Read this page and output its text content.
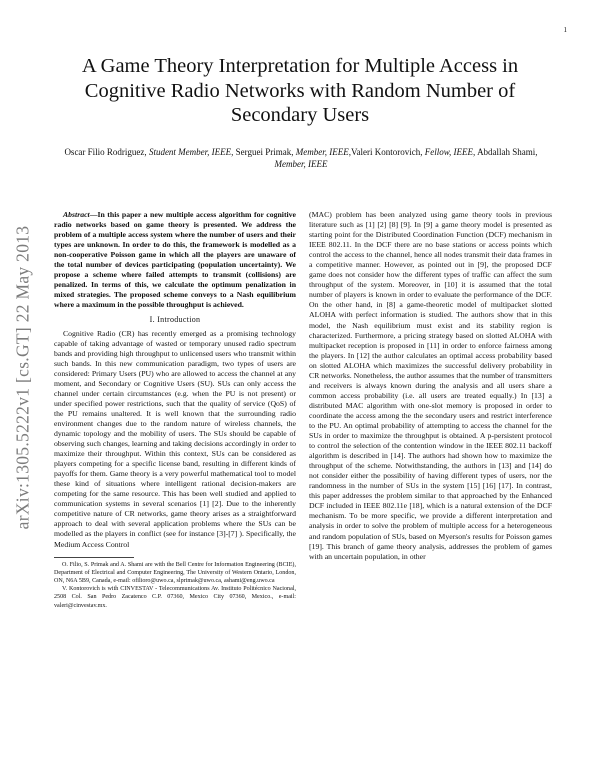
1
arXiv:1305.5222v1 [cs.GT] 22 May 2013
A Game Theory Interpretation for Multiple Access in Cognitive Radio Networks with Random Number of Secondary Users

Oscar Filio Rodriguez, Student Member, IEEE, Serguei Primak, Member, IEEE,Valeri Kontorovich, Fellow, IEEE, Abdallah Shami, Member, IEEE

Abstract—In this paper a new multiple access algorithm for cognitive radio networks based on game theory is presented. We address the problem of a multiple access system where the number of users and their types are unknown. In order to do this, the framework is modelled as a non-cooperative Poisson game in which all the players are unaware of the total number of devices participating (population uncertainty). We propose a scheme where failed attempts to transmit (collisions) are penalized. In terms of this, we calculate the optimum penalization in mixed strategies. The proposed scheme conveys to a Nash equilibrium where a maximum in the possible throughput is achieved.

I. Introduction

Cognitive Radio (CR) has recently emerged as a promising technology capable of taking advantage of wasted or temporary unused radio spectrum bands and providing high throughput to unlicensed users who transmit within such bands. In this new communication paradigm, two types of users are considered: Primary Users (PU) who are allowed to access the channel at any moment, and Secondary or Cognitive Users (SU). SUs can only access the channel under certain circumstances (e.g. when the PU is not present) or under specified power restrictions, such that the quality of service (QoS) of the PU remains unaltered. It is well known that the surrounding radio environment changes due to the random nature of wireless channels, the dynamic topology and the mobility of users. The SUs should be capable of observing such changes, learning and taking decisions accordingly in order to maximize their throughput. Within this context, SUs can be considered as players competing for a specific license band, resulting in different kinds of payoffs for them. Game theory is a very powerful mathematical tool to model these kind of situations where intelligent rational decision-makers are competing for the same resource. This has been well studied and applied to communication systems in several scenarios [1] [2]. Due to the inherently competitive nature of CR networks, game theory arises as a straightforward approach to deal with several application problems where the SUs can be modelled as the players in conflict (see for instance [3]-[7] ). Specifically, the Medium Access Control

O. Filio, S. Primak and A. Shami are with the Bell Centre for Information Engineering (BCIE), Department of Electrical and Computer Engineering, The University of Western Ontario, London, ON, N6A 5B9, Canada, e-mail: ofiliorо@uwo.ca, slprimak@uwo.ca, ashami@eng.uwo.ca

V. Kontorovich is with CINVESTAV - Telecommunications Av. Instituto Politécnico Nacional, 2508 Col. San Pedro Zacatenco C.P. 07360, Mexico City 07360, Mexico., e-mail: valeri@cinvestav.mx.

(MAC) problem has been analyzed using game theory tools in previous literature such as [1] [2] [8] [9]. In [9] a game theory model is presented as starting point for the Distributed Coordination Function (DCF) mechanism in IEEE 802.11. In the DCF there are no base stations or access points which control the access to the channel, hence all nodes transmit their data frames in a competitive manner. However, as pointed out in [9], the proposed DCF game does not consider how the different types of traffic can affect the sum throughput of the system. Moreover, in [10] it is assumed that the total number of players is known in order to evaluate the performance of the DCF. On the other hand, in [8] a game-theoretic model of multipacket slotted ALOHA with perfect information is studied. The authors show that in this model, the Nash equilibrium must exist and its stability region is characterized. Furthermore, a pricing strategy based on slotted ALOHA with multipacket reception is proposed in [11] in order to enforce fairness among the players. In [12] the author calculates an optimal access probability based on slotted ALOHA which maximizes the successful delivery probability in CR networks. Nonetheless, the author assumes that the number of transmitters and receivers is always known during the analysis and all users share a common access probability (i.e. all users are treated equally.) In [13] a distributed MAC algorithm with one-slot memory is proposed in order to coordinate the access among the the secondary users and restrict interference to the PU. An optimal probability of attempting to access the channel for the SUs in order to maximize the throughput is obtained. A p-persistent protocol to control the selection of the contention window in the IEEE 802.11 backoff algorithm is described in [14]. The authors had shown how to maximize the throughput of the scheme. Notwithstanding, the authors in [13] and [14] do not consider either the possibility of having different types of users, nor the randomness in the number of SUs in the system [15] [16] [17]. In contrast, this paper addresses the problem similar to that approached by the Enhanced DCF included in IEEE 802.11e [18], which is a natural extension of the DCF mechanism. To be more specific, we provide a different interpretation and analysis in order to solve the problem of multiple access for a heterogeneous and random population of SUs, based on Myerson's results for Poisson games [19]. This branch of game theory analysis, addresses the problem of games with an uncertain population, in other
